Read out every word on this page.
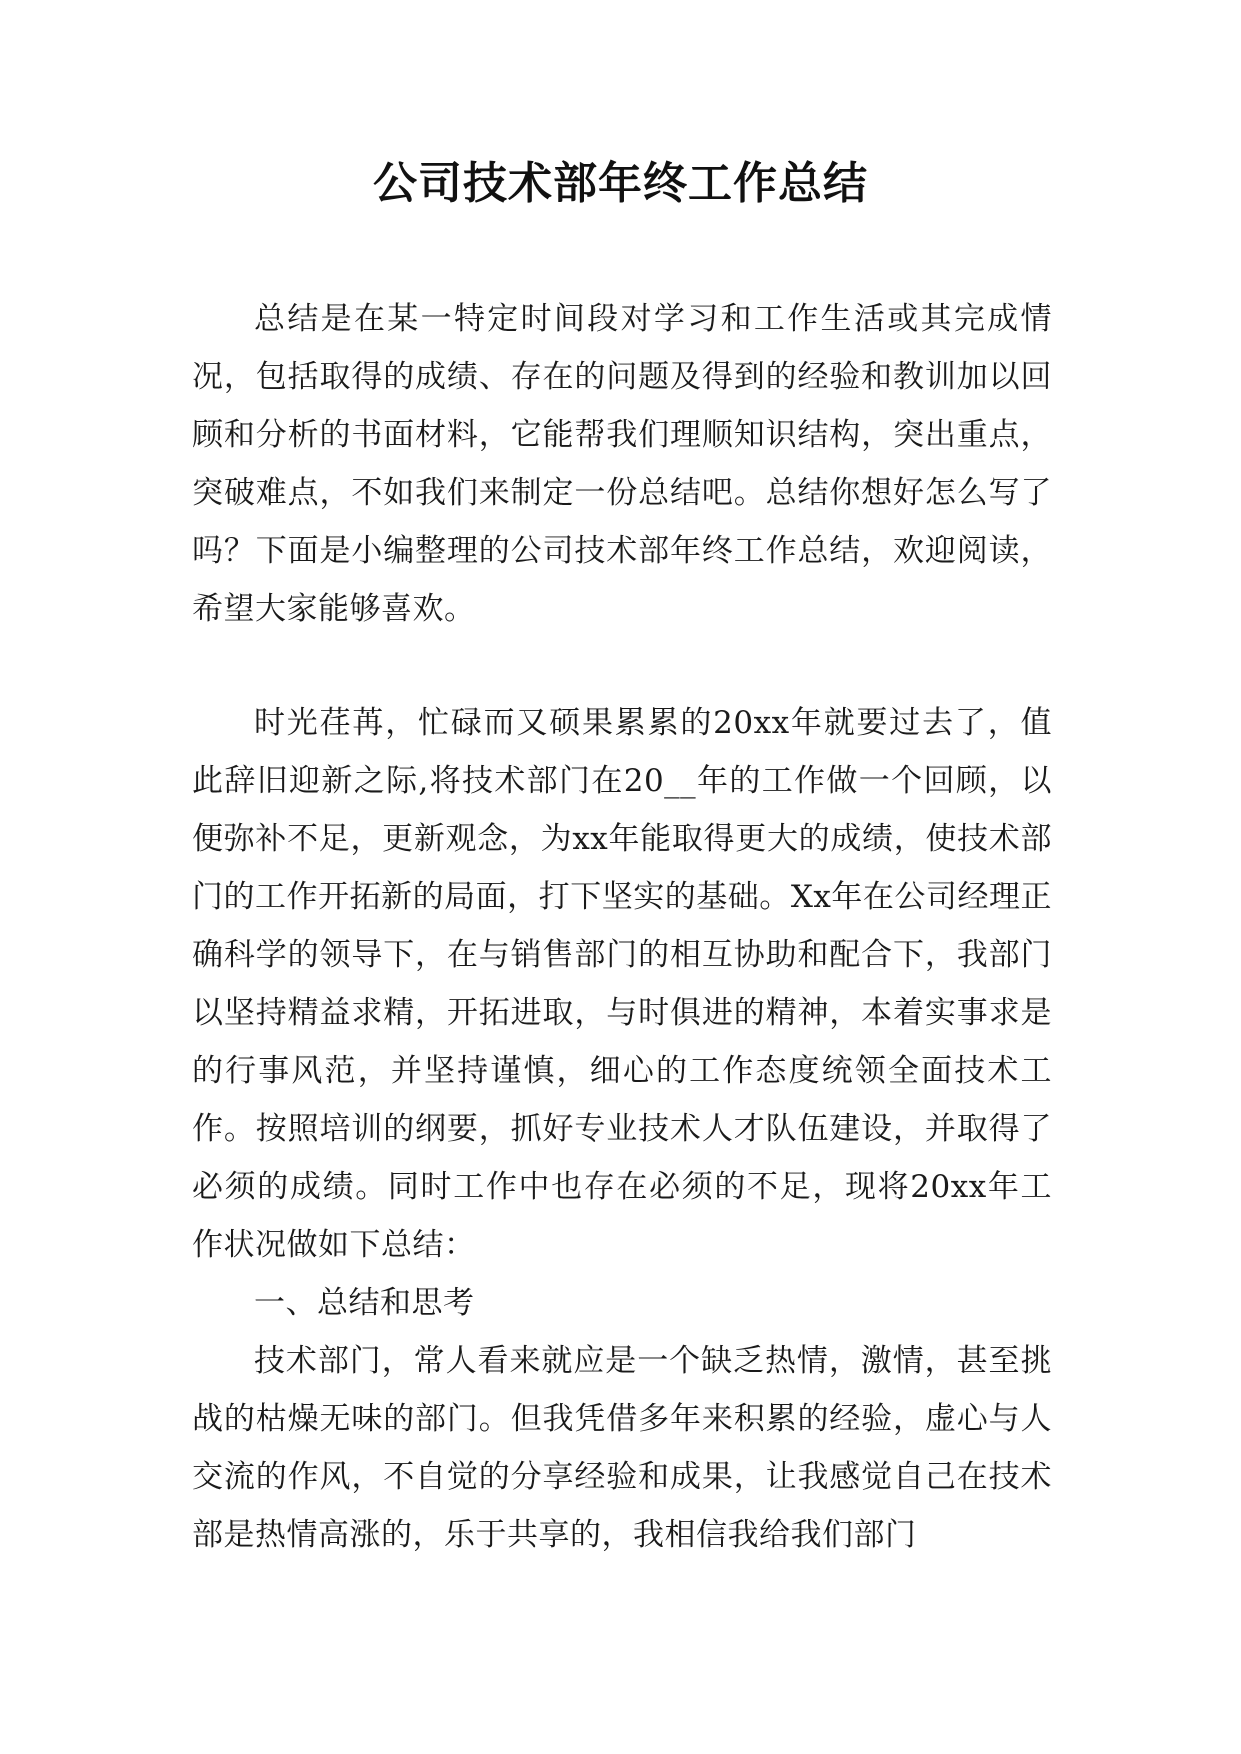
公司技术部年终工作总结

总结是在某一特定时间段对学习和工作生活或其完成情况，包括取得的成绩、存在的问题及得到的经验和教训加以回顾和分析的书面材料，它能帮我们理顺知识结构，突出重点，突破难点，不如我们来制定一份总结吧。总结你想好怎么写了吗？下面是小编整理的公司技术部年终工作总结，欢迎阅读，希望大家能够喜欢。

时光荏苒，忙碌而又硕果累累的20xx年就要过去了，值此辞旧迎新之际,将技术部门在20__年的工作做一个回顾，以便弥补不足，更新观念，为xx年能取得更大的成绩，使技术部门的工作开拓新的局面，打下坚实的基础。Xx年在公司经理正确科学的领导下，在与销售部门的相互协助和配合下，我部门以坚持精益求精，开拓进取，与时俱进的精神，本着实事求是的行事风范，并坚持谨慎，细心的工作态度统领全面技术工作。按照培训的纲要，抓好专业技术人才队伍建设，并取得了必须的成绩。同时工作中也存在必须的不足，现将20xx年工作状况做如下总结：

一、总结和思考

技术部门，常人看来就应是一个缺乏热情，激情，甚至挑战的枯燥无味的部门。但我凭借多年来积累的经验，虚心与人交流的作风，不自觉的分享经验和成果，让我感觉自己在技术部是热情高涨的，乐于共享的，我相信我给我们部门
